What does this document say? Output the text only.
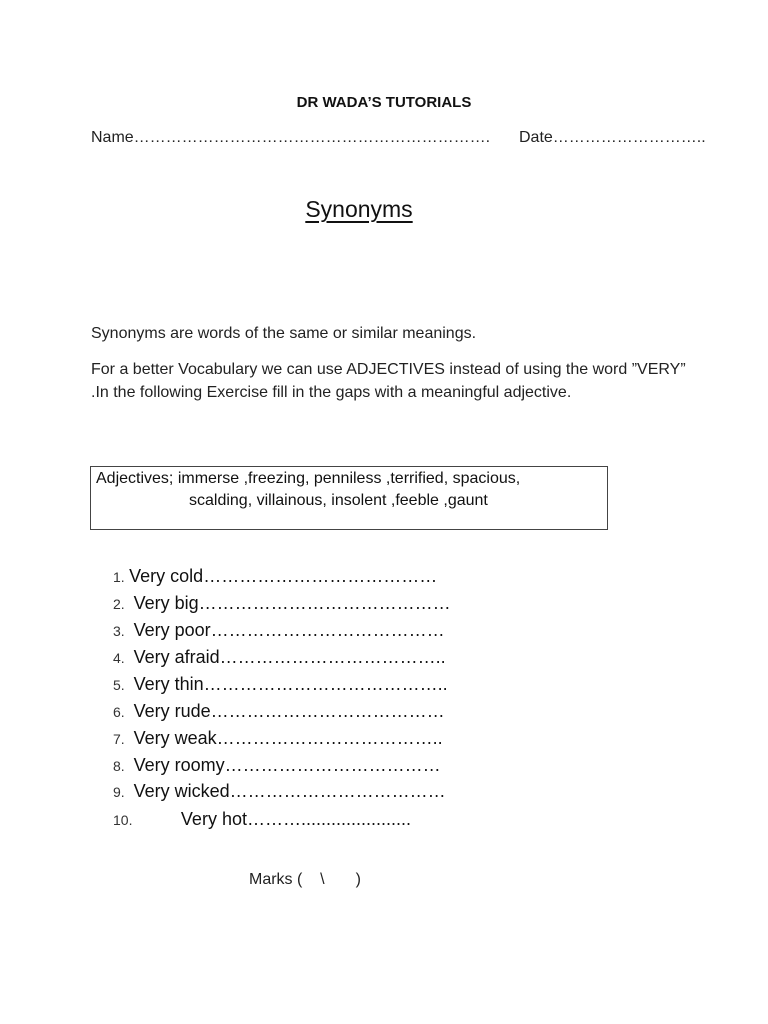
DR WADA’S TUTORIALS
Name…………………………………………………………. Date………………………..
Synonyms
Synonyms are words of the same or similar meanings.
For a better Vocabulary we can use ADJECTIVES instead of using the word ”VERY” .In the following Exercise fill in the gaps with a meaningful adjective.
Adjectives; immerse ,freezing, penniless ,terrified, spacious,
scalding, villainous, insolent ,feeble ,gaunt
1. Very cold…………………………………
2. Very big……………………………………
3. Very poor…………………………………
4. Very afraid………………………………..
5. Very thin…………………………………..
6. Very rude…………………………………
7. Very weak………………………………..
8. Very roomy………………………………
9. Very wicked………………………………
10.	Very hot………......................
Marks (    \       )
